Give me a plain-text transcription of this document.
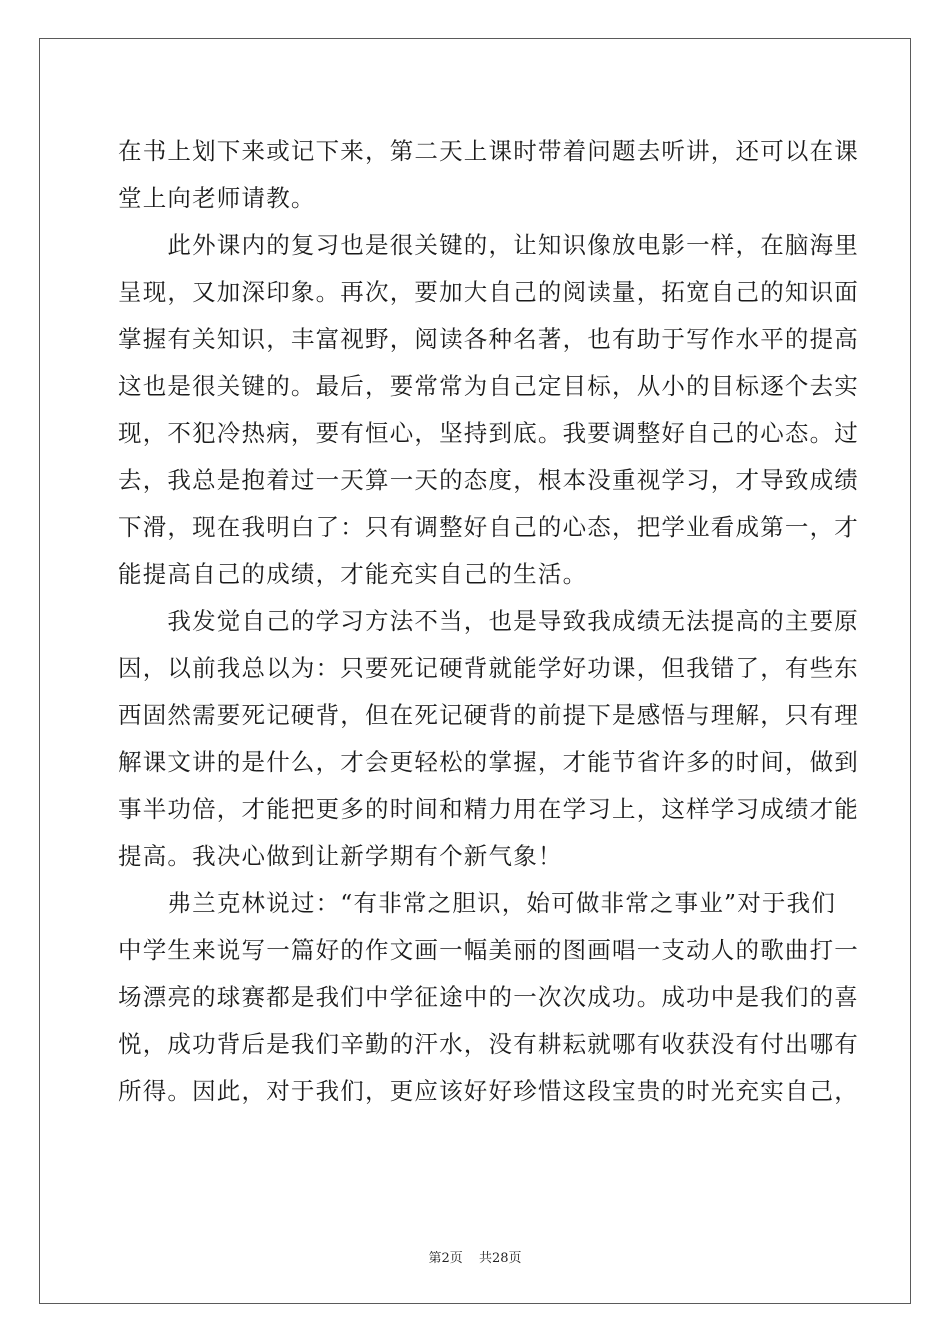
在书上划下来或记下来，第二天上课时带着问题去听讲，还可以在课
堂上向老师请教。
　　此外课内的复习也是很关键的，让知识像放电影一样，在脑海里
呈现，又加深印象。再次，要加大自己的阅读量，拓宽自己的知识面
掌握有关知识，丰富视野，阅读各种名著，也有助于写作水平的提高
这也是很关键的。最后，要常常为自己定目标，从小的目标逐个去实
现，不犯冷热病，要有恒心，坚持到底。我要调整好自己的心态。过
去，我总是抱着过一天算一天的态度，根本没重视学习，才导致成绩
下滑，现在我明白了：只有调整好自己的心态，把学业看成第一，才
能提高自己的成绩，才能充实自己的生活。
　　我发觉自己的学习方法不当，也是导致我成绩无法提高的主要原
因，以前我总以为：只要死记硬背就能学好功课，但我错了，有些东
西固然需要死记硬背，但在死记硬背的前提下是感悟与理解，只有理
解课文讲的是什么，才会更轻松的掌握，才能节省许多的时间，做到
事半功倍，才能把更多的时间和精力用在学习上，这样学习成绩才能
提高。我决心做到让新学期有个新气象！
　　弗兰克林说过：“有非常之胆识，始可做非常之事业”对于我们
中学生来说写一篇好的作文画一幅美丽的图画唱一支动人的歌曲打一
场漂亮的球赛都是我们中学征途中的一次次成功。成功中是我们的喜
悦，成功背后是我们辛勤的汗水，没有耕耘就哪有收获没有付出哪有
所得。因此，对于我们，更应该好好珍惜这段宝贵的时光充实自己，

第2页 共28页
